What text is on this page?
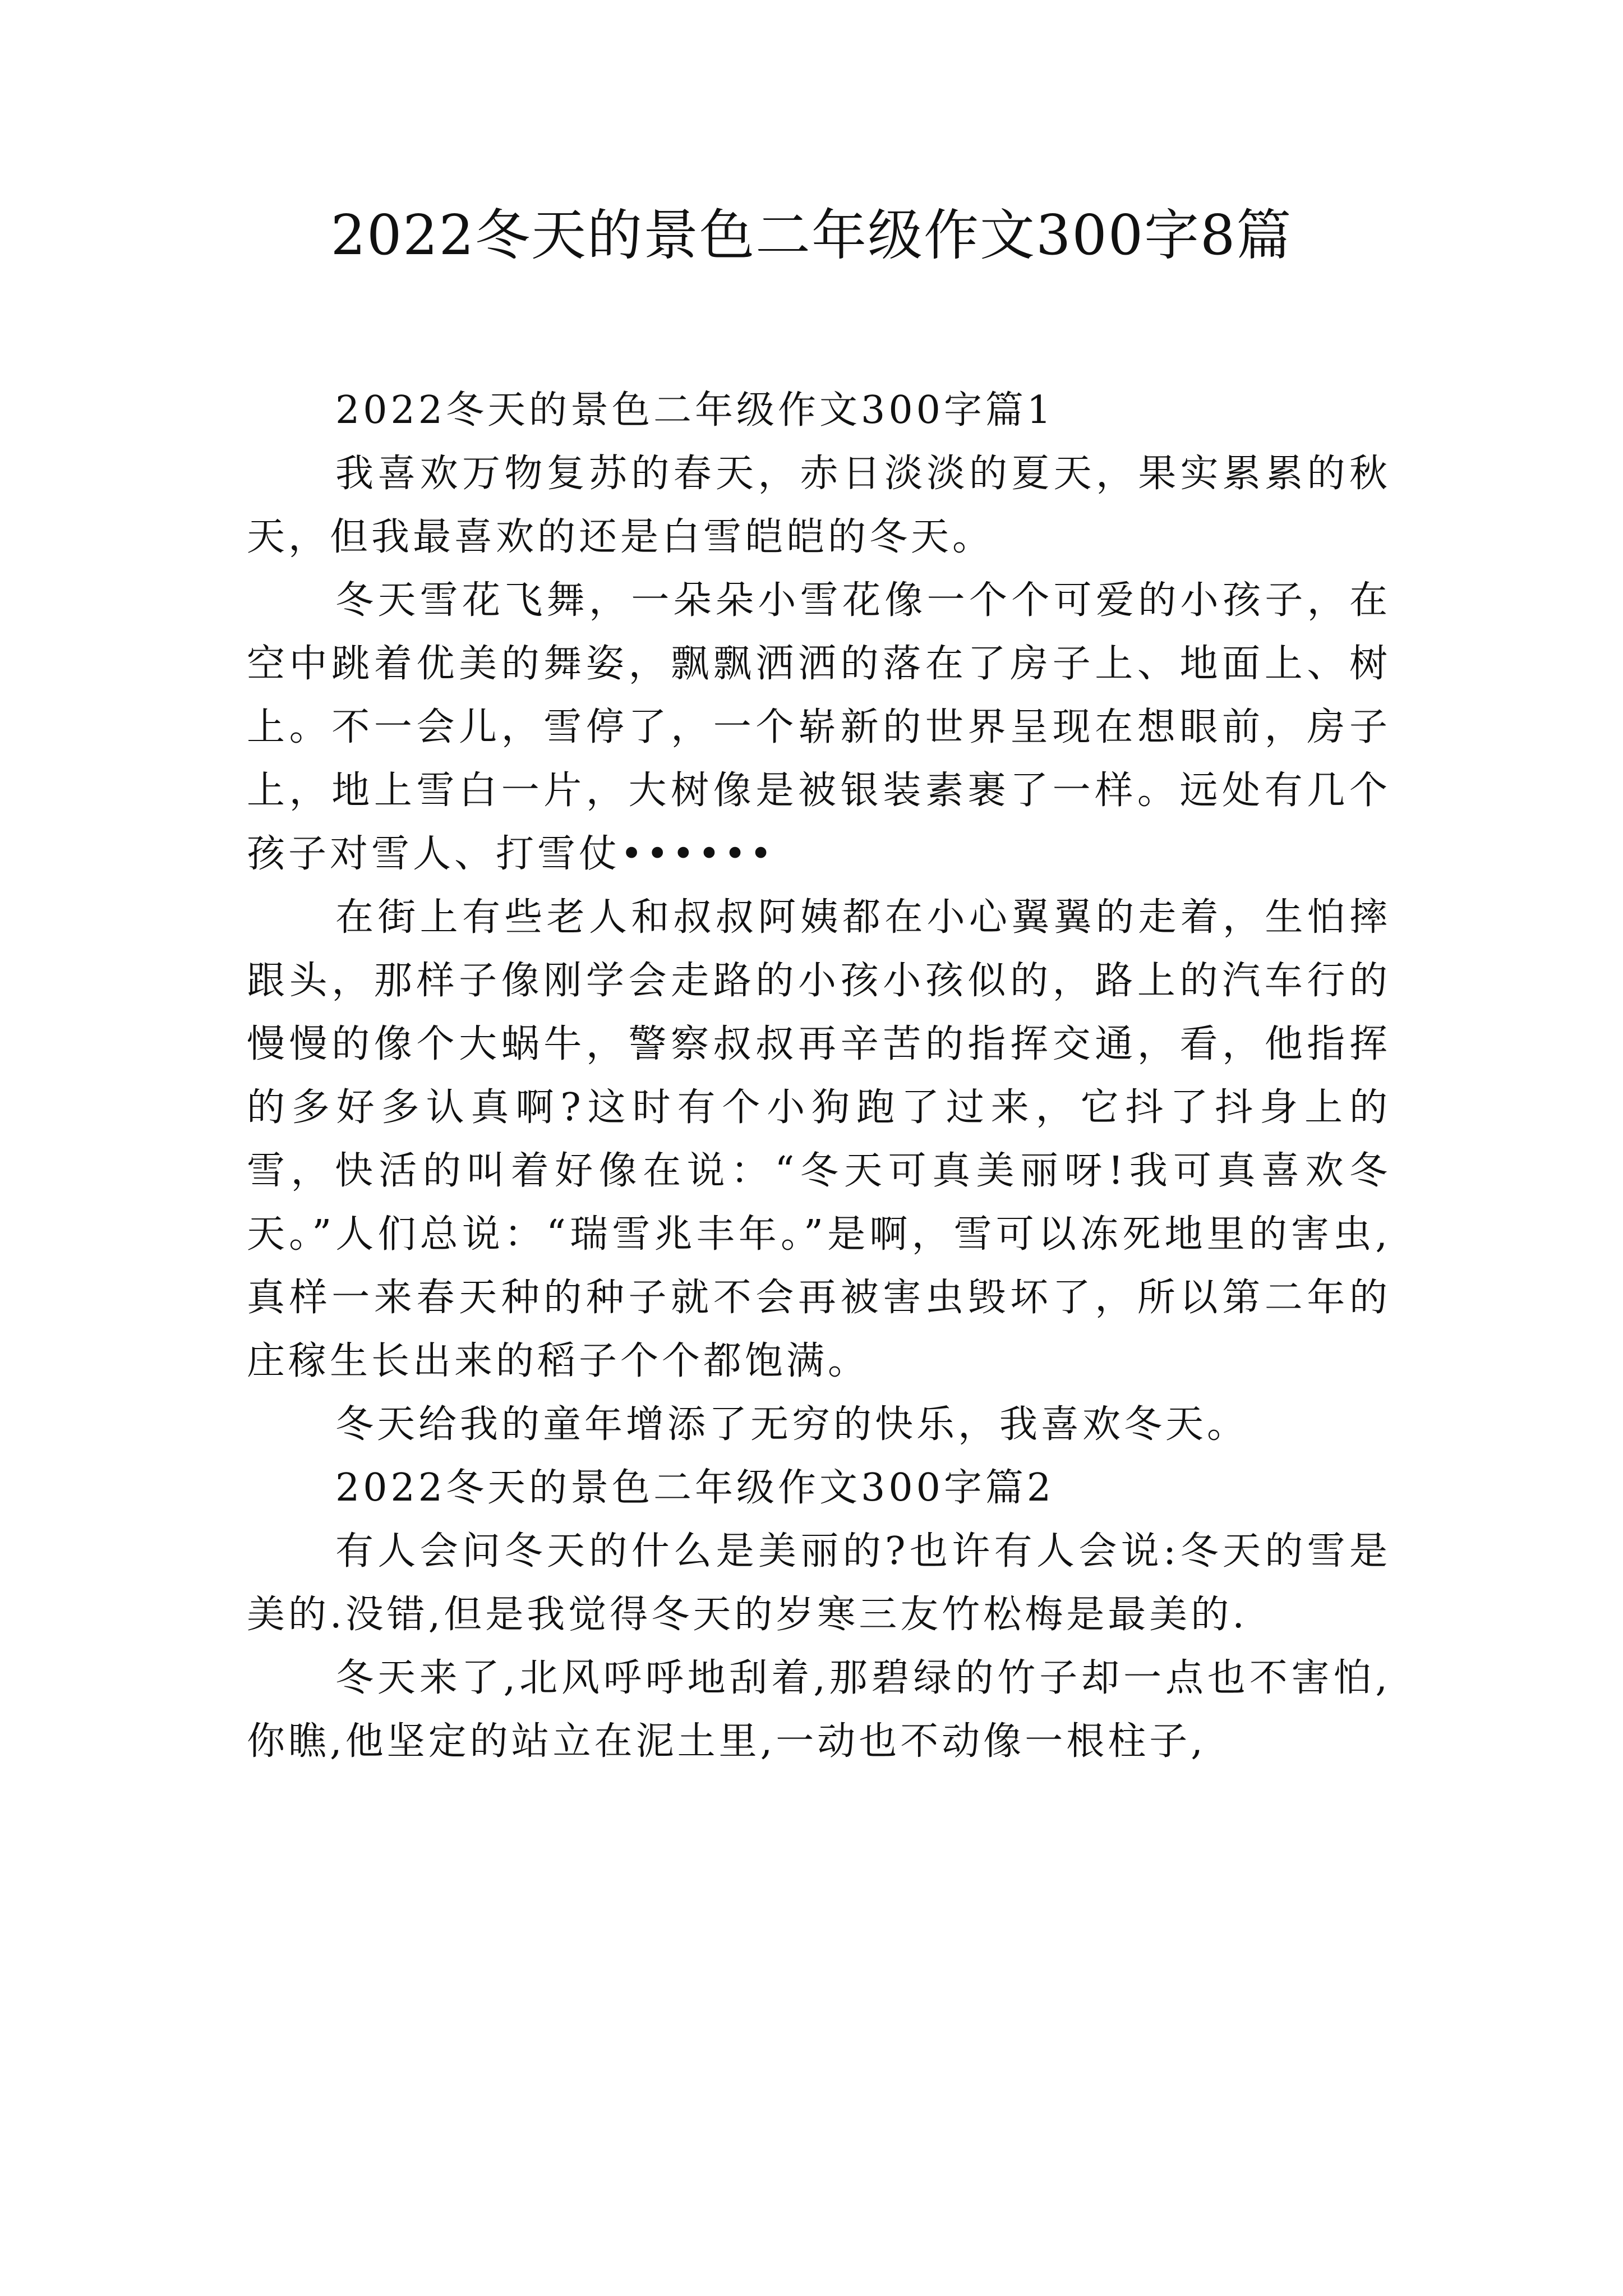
2022冬天的景色二年级作文300字8篇

2022冬天的景色二年级作文300字篇1

我喜欢万物复苏的春天，赤日淡淡的夏天，果实累累的秋天，但我最喜欢的还是白雪皑皑的冬天。

冬天雪花飞舞，一朵朵小雪花像一个个可爱的小孩子，在空中跳着优美的舞姿，飘飘洒洒的落在了房子上、地面上、树上。不一会儿，雪停了，一个崭新的世界呈现在想眼前，房子上，地上雪白一片，大树像是被银装素裹了一样。远处有几个孩子对雪人、打雪仗••••••

在街上有些老人和叔叔阿姨都在小心翼翼的走着，生怕摔跟头，那样子像刚学会走路的小孩小孩似的，路上的汽车行的慢慢的像个大蜗牛，警察叔叔再辛苦的指挥交通，看，他指挥的多好多认真啊?这时有个小狗跑了过来，它抖了抖身上的雪，快活的叫着好像在说：“冬天可真美丽呀!我可真喜欢冬天。”人们总说：“瑞雪兆丰年。”是啊，雪可以冻死地里的害虫,真样一来春天种的种子就不会再被害虫毁坏了，所以第二年的庄稼生长出来的稻子个个都饱满。

冬天给我的童年增添了无穷的快乐，我喜欢冬天。

2022冬天的景色二年级作文300字篇2

有人会问冬天的什么是美丽的?也许有人会说:冬天的雪是美的.没错,但是我觉得冬天的岁寒三友竹松梅是最美的.

冬天来了,北风呼呼地刮着,那碧绿的竹子却一点也不害怕,你瞧,他坚定的站立在泥土里,一动也不动像一根柱子,
